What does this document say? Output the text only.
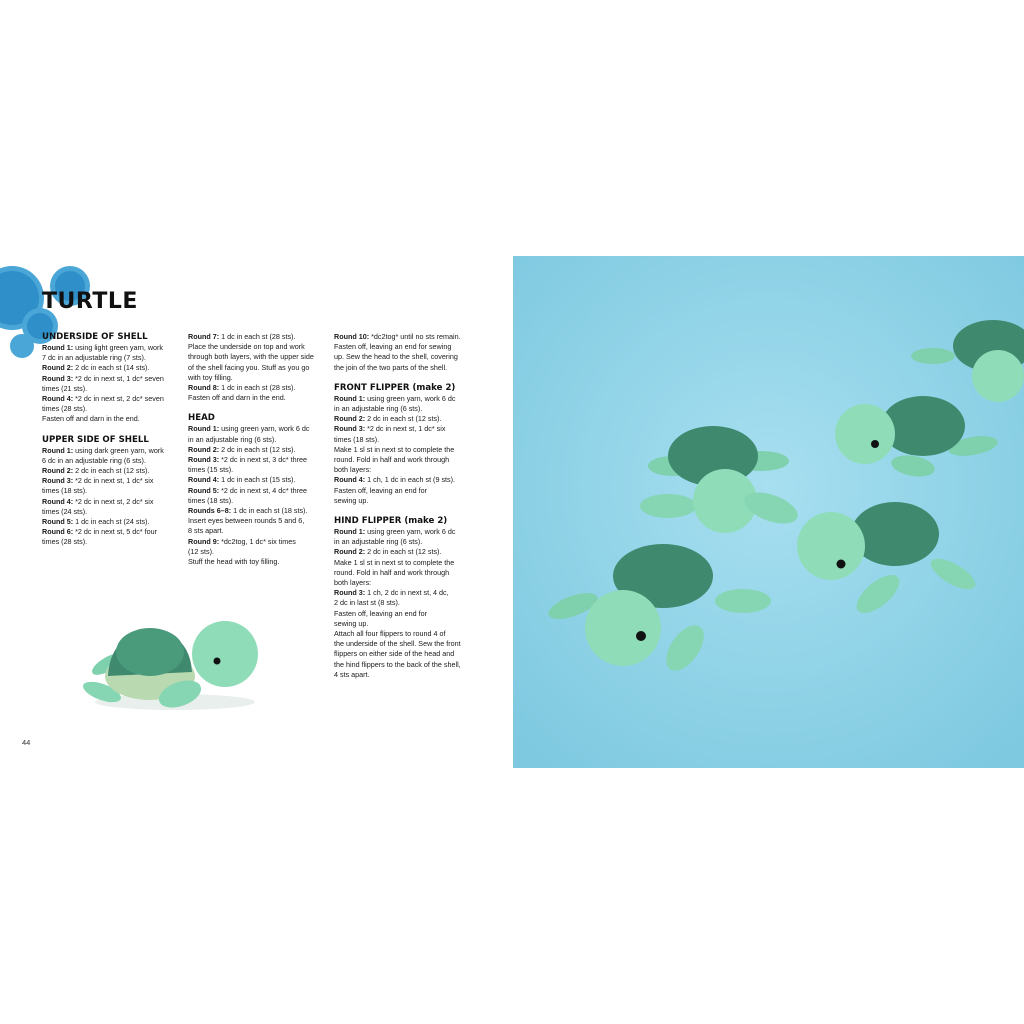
TURTLE
UNDERSIDE OF SHELL

Round 1: using light green yarn, work

7 dc in an adjustable ring (7 sts).

Round 2: 2 dc in each st (14 sts).

Round 3: *2 dc in next st, 1 dc* seven

times (21 sts).

Round 4: *2 dc in next st, 2 dc* seven

times (28 sts).

Fasten off and darn in the end.

UPPER SIDE OF SHELL

Round 1: using dark green yarn, work

6 dc in an adjustable ring (6 sts).

Round 2: 2 dc in each st (12 sts).

Round 3: *2 dc in next st, 1 dc* six

times (18 sts).

Round 4: *2 dc in next st, 2 dc* six

times (24 sts).

Round 5: 1 dc in each st (24 sts).

Round 6: *2 dc in next st, 5 dc* four

times (28 sts).

Round 7: 1 dc in each st (28 sts).

Place the underside on top and work

through both layers, with the upper side

of the shell facing you. Stuff as you go

with toy filling.

Round 8: 1 dc in each st (28 sts).

Fasten off and darn in the end.

HEAD

Round 1: using green yarn, work 6 dc

in an adjustable ring (6 sts).

Round 2: 2 dc in each st (12 sts).

Round 3: *2 dc in next st, 3 dc* three

times (15 sts).

Round 4: 1 dc in each st (15 sts).

Round 5: *2 dc in next st, 4 dc* three

times (18 sts).

Rounds 6–8: 1 dc in each st (18 sts).

Insert eyes between rounds 5 and 6,

8 sts apart.

Round 9: *dc2tog, 1 dc* six times

(12 sts).

Stuff the head with toy filling.

Round 10: *dc2tog* until no sts remain.

Fasten off, leaving an end for sewing

up. Sew the head to the shell, covering

the join of the two parts of the shell.

FRONT FLIPPER (make 2)

Round 1: using green yarn, work 6 dc

in an adjustable ring (6 sts).

Round 2: 2 dc in each st (12 sts).

Round 3: *2 dc in next st, 1 dc* six

times (18 sts).

Make 1 sl st in next st to complete the

round. Fold in half and work through

both layers:

Round 4: 1 ch, 1 dc in each st (9 sts).

Fasten off, leaving an end for

sewing up.

HIND FLIPPER (make 2)

Round 1: using green yarn, work 6 dc

in an adjustable ring (6 sts).

Round 2: 2 dc in each st (12 sts).

Make 1 sl st in next st to complete the

round. Fold in half and work through

both layers:

Round 3: 1 ch, 2 dc in next st, 4 dc,

2 dc in last st (8 sts).

Fasten off, leaving an end for

sewing up.

Attach all four flippers to round 4 of

the underside of the shell. Sew the front

flippers on either side of the head and

the hind flippers to the back of the shell,

4 sts apart.

44
